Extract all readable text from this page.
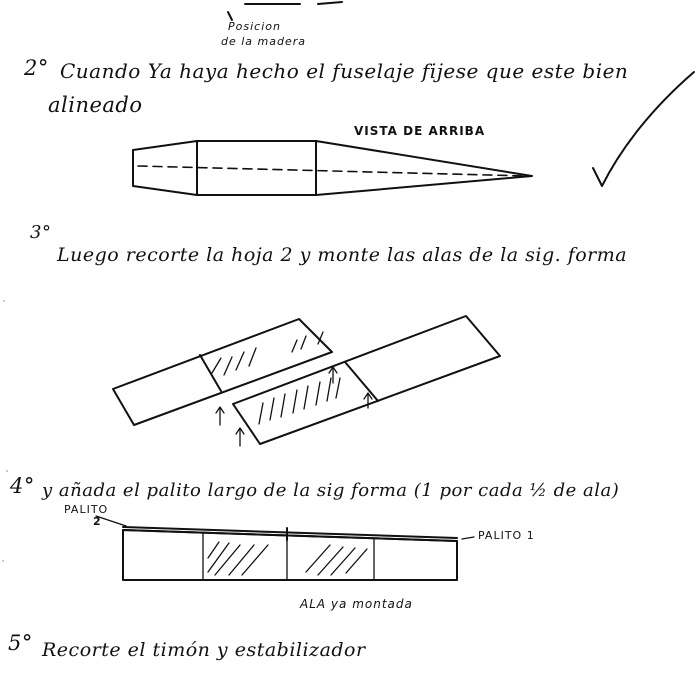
Posicion
de la madera
2° Cuando Ya haya hecho el fuselaje fijese que este bien
alineado
VISTA DE ARRIBA
3°
Luego recorte la hoja 2 y monte las alas de la sig. forma
4° y añada el palito largo de la sig forma (1 por cada ½ de ala)
PALITO
2
PALITO 1
ALA ya montada
5° Recorte el timón y estabilizador
